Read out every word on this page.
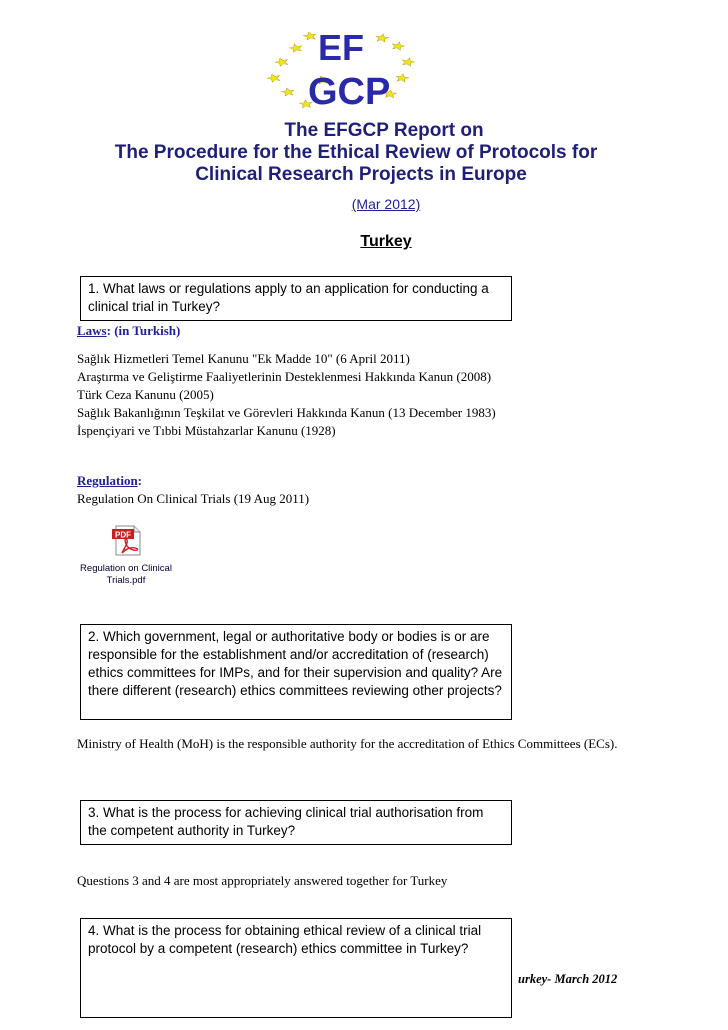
EF
GCP
The EFGCP Report on
The Procedure for the Ethical Review of Protocols for
Clinical Research Projects in Europe
(Mar 2012)
Turkey
1. What laws or regulations apply to an application for conducting a clinical trial in Turkey?
Laws: (in Turkish)
Sağlık Hizmetleri Temel Kanunu "Ek Madde 10" (6 April 2011)
Araştırma ve Geliştirme Faaliyetlerinin Desteklenmesi Hakkında Kanun (2008)
Türk Ceza Kanunu (2005)
Sağlık Bakanlığının Teşkilat ve Görevleri Hakkında Kanun (13 December 1983)
İspençiyari ve Tıbbi Müstahzarlar Kanunu (1928)
Regulation:
Regulation On Clinical Trials (19 Aug 2011)
PDF
Regulation on Clinical Trials.pdf
2. Which government, legal or authoritative body or bodies is or are responsible for the establishment and/or accreditation of (research) ethics committees for IMPs, and for their supervision and quality? Are there different (research) ethics committees reviewing other projects?
Ministry of Health (MoH) is the responsible authority for the accreditation of Ethics Committees (ECs).
3. What is the process for achieving clinical trial authorisation from the competent authority in Turkey?
Questions 3 and 4 are most appropriately answered together for Turkey
4. What is the process for obtaining ethical review of a clinical trial protocol by a competent (research) ethics committee in Turkey?
urkey- March 2012
